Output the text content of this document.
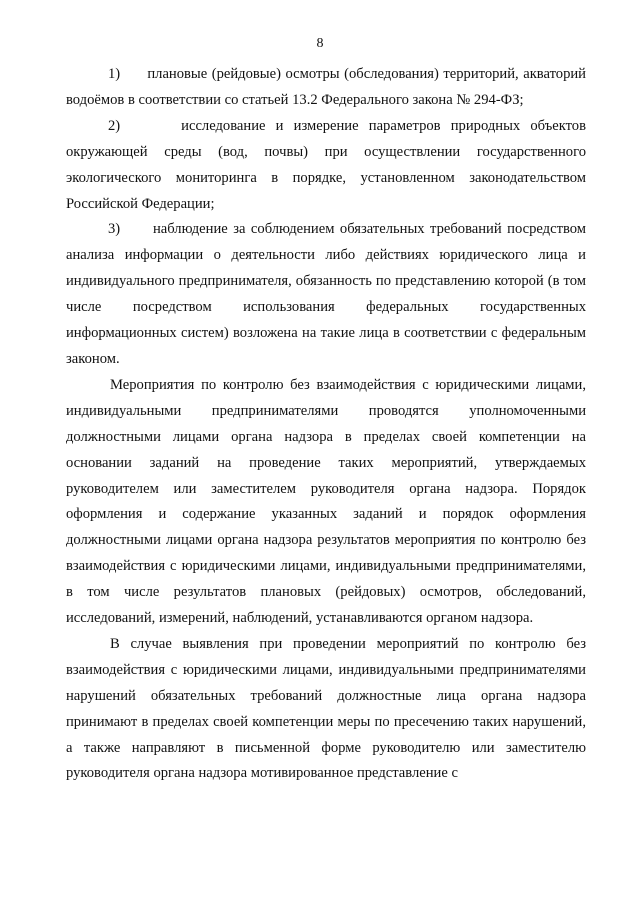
8

1)      плановые (рейдовые) осмотры (обследования) территорий, акваторий водоёмов в соответствии со статьей 13.2 Федерального закона № 294-ФЗ;

2)      исследование и измерение параметров природных объектов окружающей среды (вод, почвы) при осуществлении государственного экологического мониторинга в порядке, установленном законодательством Российской Федерации;

3)      наблюдение за соблюдением обязательных требований посредством анализа информации о деятельности либо действиях юридического лица и индивидуального предпринимателя, обязанность по представлению которой (в том числе посредством использования федеральных государственных информационных систем) возложена на такие лица в соответствии с федеральным законом.

Мероприятия по контролю без взаимодействия с юридическими лицами, индивидуальными предпринимателями проводятся уполномоченными должностными лицами органа надзора в пределах своей компетенции на основании заданий на проведение таких мероприятий, утверждаемых руководителем или заместителем руководителя органа надзора. Порядок оформления и содержание указанных заданий и порядок оформления должностными лицами органа надзора результатов мероприятия по контролю без взаимодействия с юридическими лицами, индивидуальными предпринимателями, в том числе результатов плановых (рейдовых) осмотров, обследований, исследований, измерений, наблюдений, устанавливаются органом надзора.

В случае выявления при проведении мероприятий по контролю без взаимодействия с юридическими лицами, индивидуальными предпринимателями нарушений обязательных требований должностные лица органа надзора принимают в пределах своей компетенции меры по пресечению таких нарушений, а также направляют в письменной форме руководителю или заместителю руководителя органа надзора мотивированное представление с
